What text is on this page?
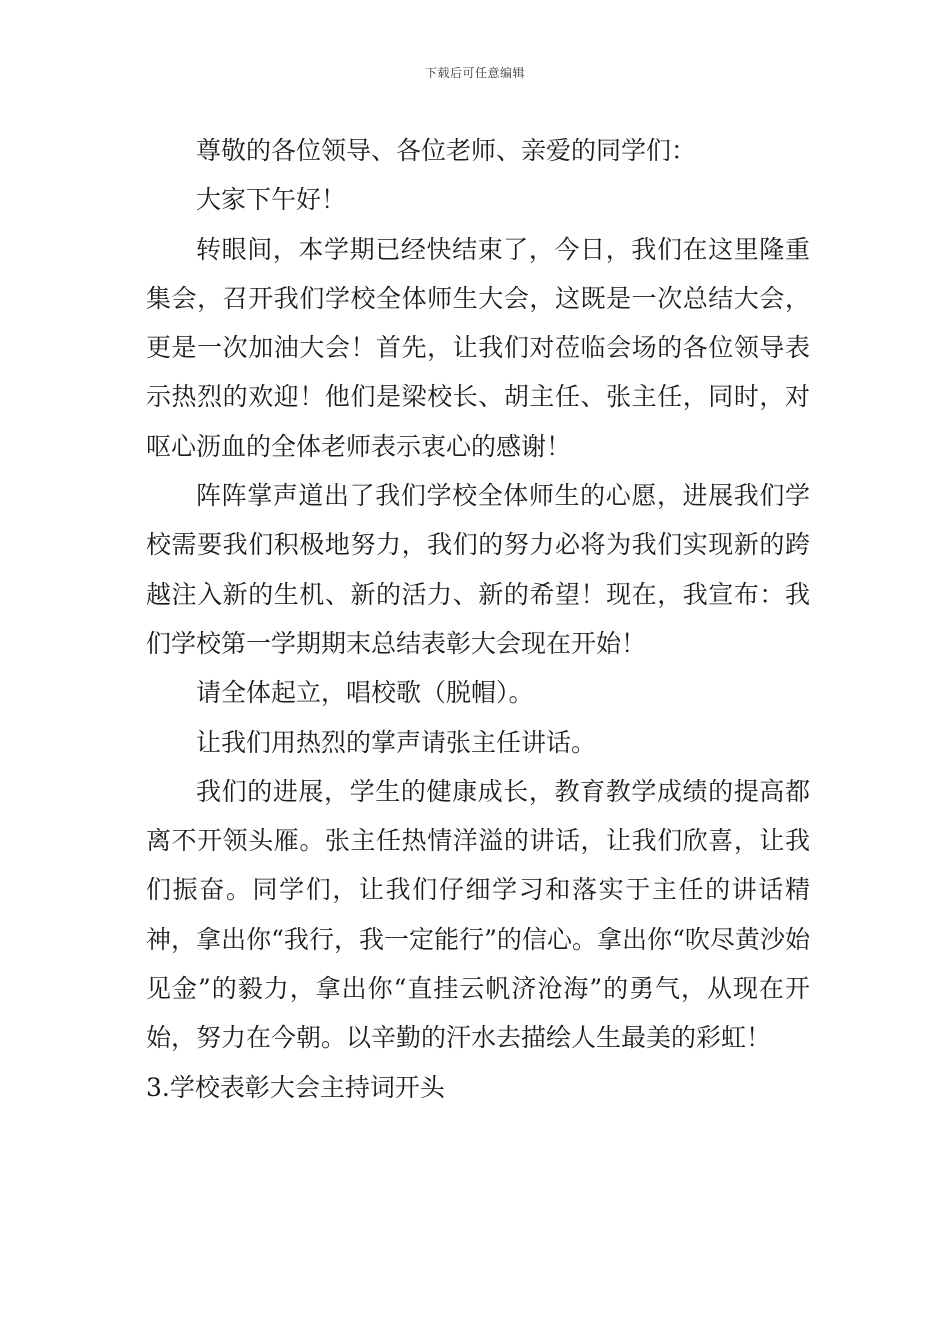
下载后可任意编辑

尊敬的各位领导、各位老师、亲爱的同学们：

大家下午好！

转眼间，本学期已经快结束了，今日，我们在这里隆重集会，召开我们学校全体师生大会，这既是一次总结大会，更是一次加油大会！首先，让我们对莅临会场的各位领导表示热烈的欢迎！他们是梁校长、胡主任、张主任，同时，对呕心沥血的全体老师表示衷心的感谢！

阵阵掌声道出了我们学校全体师生的心愿，进展我们学校需要我们积极地努力，我们的努力必将为我们实现新的跨越注入新的生机、新的活力、新的希望！现在，我宣布：我们学校第一学期期末总结表彰大会现在开始！

请全体起立，唱校歌（脱帽）。

让我们用热烈的掌声请张主任讲话。

我们的进展，学生的健康成长，教育教学成绩的提高都离不开领头雁。张主任热情洋溢的讲话，让我们欣喜，让我们振奋。同学们，让我们仔细学习和落实于主任的讲话精神，拿出你“我行，我一定能行”的信心。拿出你“吹尽黄沙始见金”的毅力，拿出你“直挂云帆济沧海”的勇气，从现在开始，努力在今朝。以辛勤的汗水去描绘人生最美的彩虹！

3.学校表彰大会主持词开头
